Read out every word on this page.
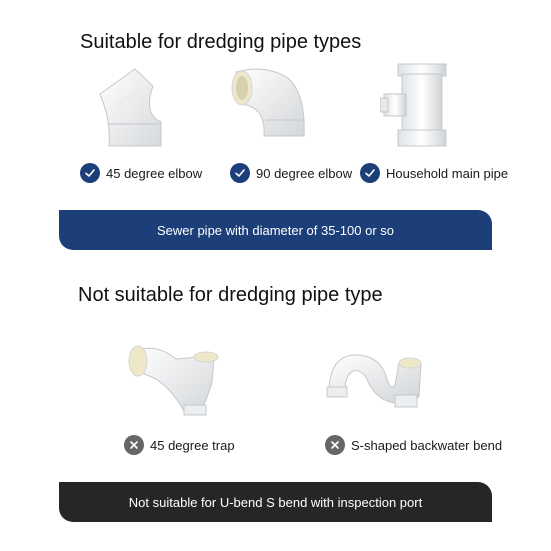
Suitable for dredging pipe types
45 degree elbow	90 degree elbow	Household main pipe
Sewer pipe with diameter of 35-100 or so
Not suitable for dredging pipe type
45 degree trap	S-shaped backwater bend
Not suitable for U-bend S bend with inspection port
